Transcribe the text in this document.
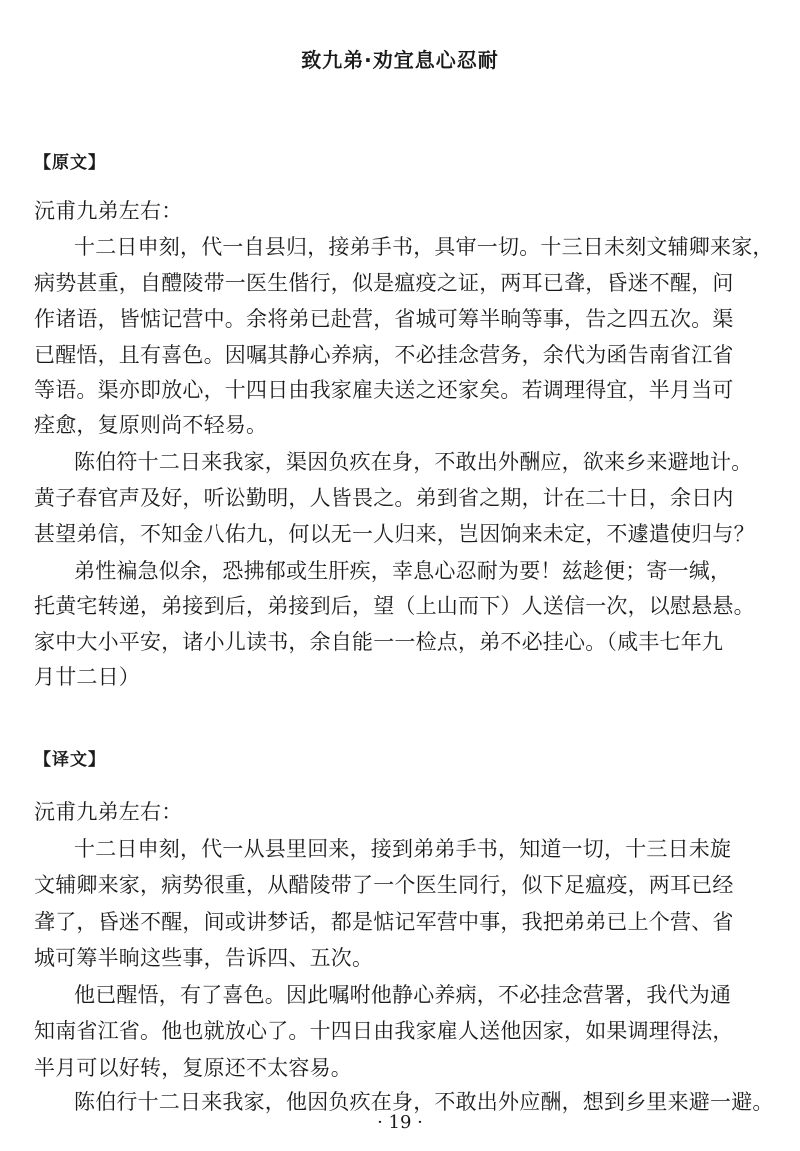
致九弟·劝宜息心忍耐
【原文】
沅甫九弟左右：
十二日申刻，代一自县归，接弟手书，具审一切。十三日未刻文辅卿来家，
病势甚重，自醴陵带一医生偕行，似是瘟疫之证，两耳已聋，昏迷不醒，问
作诸语，皆惦记营中。余将弟已赴营，省城可筹半晌等事，告之四五次。渠
已醒悟，且有喜色。因嘱其静心养病，不必挂念营务，余代为函告南省江省
等语。渠亦即放心，十四日由我家雇夫送之还家矣。若调理得宜，半月当可
痊愈，复原则尚不轻易。
陈伯符十二日来我家，渠因负疚在身，不敢出外酬应，欲来乡来避地计。
黄子春官声及好，听讼勤明，人皆畏之。弟到省之期，计在二十日，余日内
甚望弟信，不知金八佑九，何以无一人归来，岂因饷来未定，不遽遣使归与？
弟性褊急似余，恐拂郁或生肝疾，幸息心忍耐为要！兹趁便；寄一缄，
托黄宅转递，弟接到后，弟接到后，望（上山而下）人送信一次，以慰悬悬。
家中大小平安，诸小儿读书，余自能一一检点，弟不必挂心。（咸丰七年九
月廿二日）
【译文】
沅甫九弟左右：
十二日申刻，代一从县里回来，接到弟弟手书，知道一切，十三日未旋
文辅卿来家，病势很重，从醋陵带了一个医生同行，似下足瘟疫，两耳已经
聋了，昏迷不醒，间或讲梦话，都是惦记军营中事，我把弟弟已上个营、省
城可筹半晌这些事，告诉四、五次。
他已醒悟，有了喜色。因此嘱咐他静心养病，不必挂念营署，我代为通
知南省江省。他也就放心了。十四日由我家雇人送他因家，如果调理得法，
半月可以好转，复原还不太容易。
陈伯行十二日来我家，他因负疚在身，不敢出外应酬，想到乡里来避一避。
· 19 ·
